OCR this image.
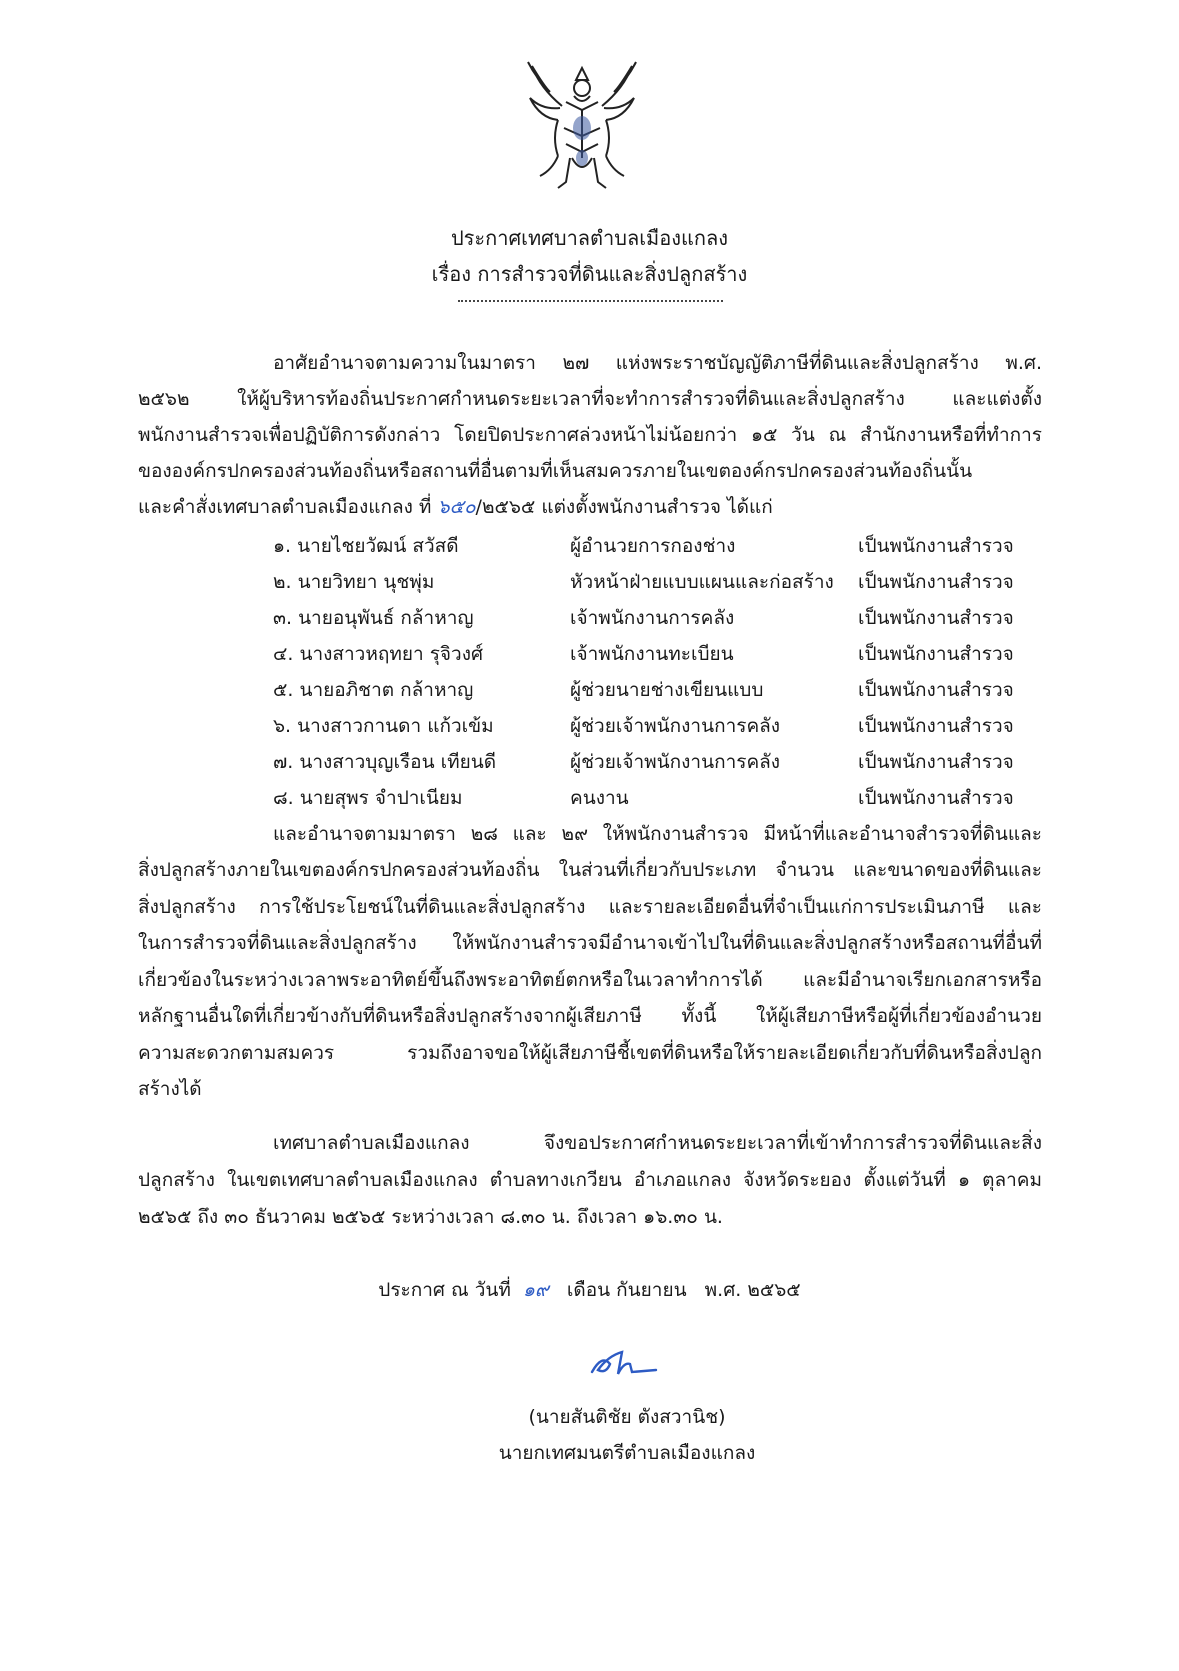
ประกาศเทศบาลตำบลเมืองแกลง
เรื่อง การสำรวจที่ดินและสิ่งปลูกสร้าง
อาศัยอำนาจตามความในมาตรา ๒๗ แห่งพระราชบัญญัติภาษีที่ดินและสิ่งปลูกสร้าง พ.ศ.
๒๕๖๒ ให้ผู้บริหารท้องถิ่นประกาศกำหนดระยะเวลาที่จะทำการสำรวจที่ดินและสิ่งปลูกสร้าง และแต่งตั้ง
พนักงานสำรวจเพื่อปฏิบัติการดังกล่าว โดยปิดประกาศล่วงหน้าไม่น้อยกว่า ๑๕ วัน ณ สำนักงานหรือที่ทำการ
ขององค์กรปกครองส่วนท้องถิ่นหรือสถานที่อื่นตามที่เห็นสมควรภายในเขตองค์กรปกครองส่วนท้องถิ่นนั้น
และคำสั่งเทศบาลตำบลเมืองแกลง ที่ ๖๕๐/๒๕๖๕ แต่งตั้งพนักงานสำรวจ ได้แก่
๑. นายไชยวัฒน์ สวัสดี	ผู้อำนวยการกองช่าง	เป็นพนักงานสำรวจ
๒. นายวิทยา นุชพุ่ม	หัวหน้าฝ่ายแบบแผนและก่อสร้าง เป็นพนักงานสำรวจ
๓. นายอนุพันธ์ กล้าหาญ	เจ้าพนักงานการคลัง	เป็นพนักงานสำรวจ
๔. นางสาวหฤทยา รุจิวงศ์	เจ้าพนักงานทะเบียน	เป็นพนักงานสำรวจ
๕. นายอภิชาต กล้าหาญ	ผู้ช่วยนายช่างเขียนแบบ	เป็นพนักงานสำรวจ
๖. นางสาวกานดา แก้วเข้ม	ผู้ช่วยเจ้าพนักงานการคลัง	เป็นพนักงานสำรวจ
๗. นางสาวบุญเรือน เทียนดี	ผู้ช่วยเจ้าพนักงานการคลัง	เป็นพนักงานสำรวจ
๘. นายสุพร จำปาเนียม	คนงาน	เป็นพนักงานสำรวจ
และอำนาจตามมาตรา ๒๘ และ ๒๙ ให้พนักงานสำรวจ มีหน้าที่และอำนาจสำรวจที่ดินและ
สิ่งปลูกสร้างภายในเขตองค์กรปกครองส่วนท้องถิ่น ในส่วนที่เกี่ยวกับประเภท จำนวน และขนาดของที่ดินและ
สิ่งปลูกสร้าง การใช้ประโยชน์ในที่ดินและสิ่งปลูกสร้าง และรายละเอียดอื่นที่จำเป็นแก่การประเมินภาษี และ
ในการสำรวจที่ดินและสิ่งปลูกสร้าง ให้พนักงานสำรวจมีอำนาจเข้าไปในที่ดินและสิ่งปลูกสร้างหรือสถานที่อื่นที่
เกี่ยวข้องในระหว่างเวลาพระอาทิตย์ขึ้นถึงพระอาทิตย์ตกหรือในเวลาทำการได้ และมีอำนาจเรียกเอกสารหรือ
หลักฐานอื่นใดที่เกี่ยวข้างกับที่ดินหรือสิ่งปลูกสร้างจากผู้เสียภาษี ทั้งนี้ ให้ผู้เสียภาษีหรือผู้ที่เกี่ยวข้องอำนวย
ความสะดวกตามสมควร รวมถึงอาจขอให้ผู้เสียภาษีชี้เขตที่ดินหรือให้รายละเอียดเกี่ยวกับที่ดินหรือสิ่งปลูก
สร้างได้
เทศบาลตำบลเมืองแกลง จึงขอประกาศกำหนดระยะเวลาที่เข้าทำการสำรวจที่ดินและสิ่ง
ปลูกสร้าง ในเขตเทศบาลตำบลเมืองแกลง ตำบลทางเกวียน อำเภอแกลง จังหวัดระยอง ตั้งแต่วันที่ ๑ ตุลาคม
๒๕๖๕ ถึง ๓๐ ธันวาคม ๒๕๖๕ ระหว่างเวลา ๘.๓๐ น. ถึงเวลา ๑๖.๓๐ น.
ประกาศ ณ วันที่ ๑๙ เดือน กันยายน พ.ศ. ๒๕๖๕
(นายสันติชัย ตังสวานิช)
นายกเทศมนตรีตำบลเมืองแกลง
